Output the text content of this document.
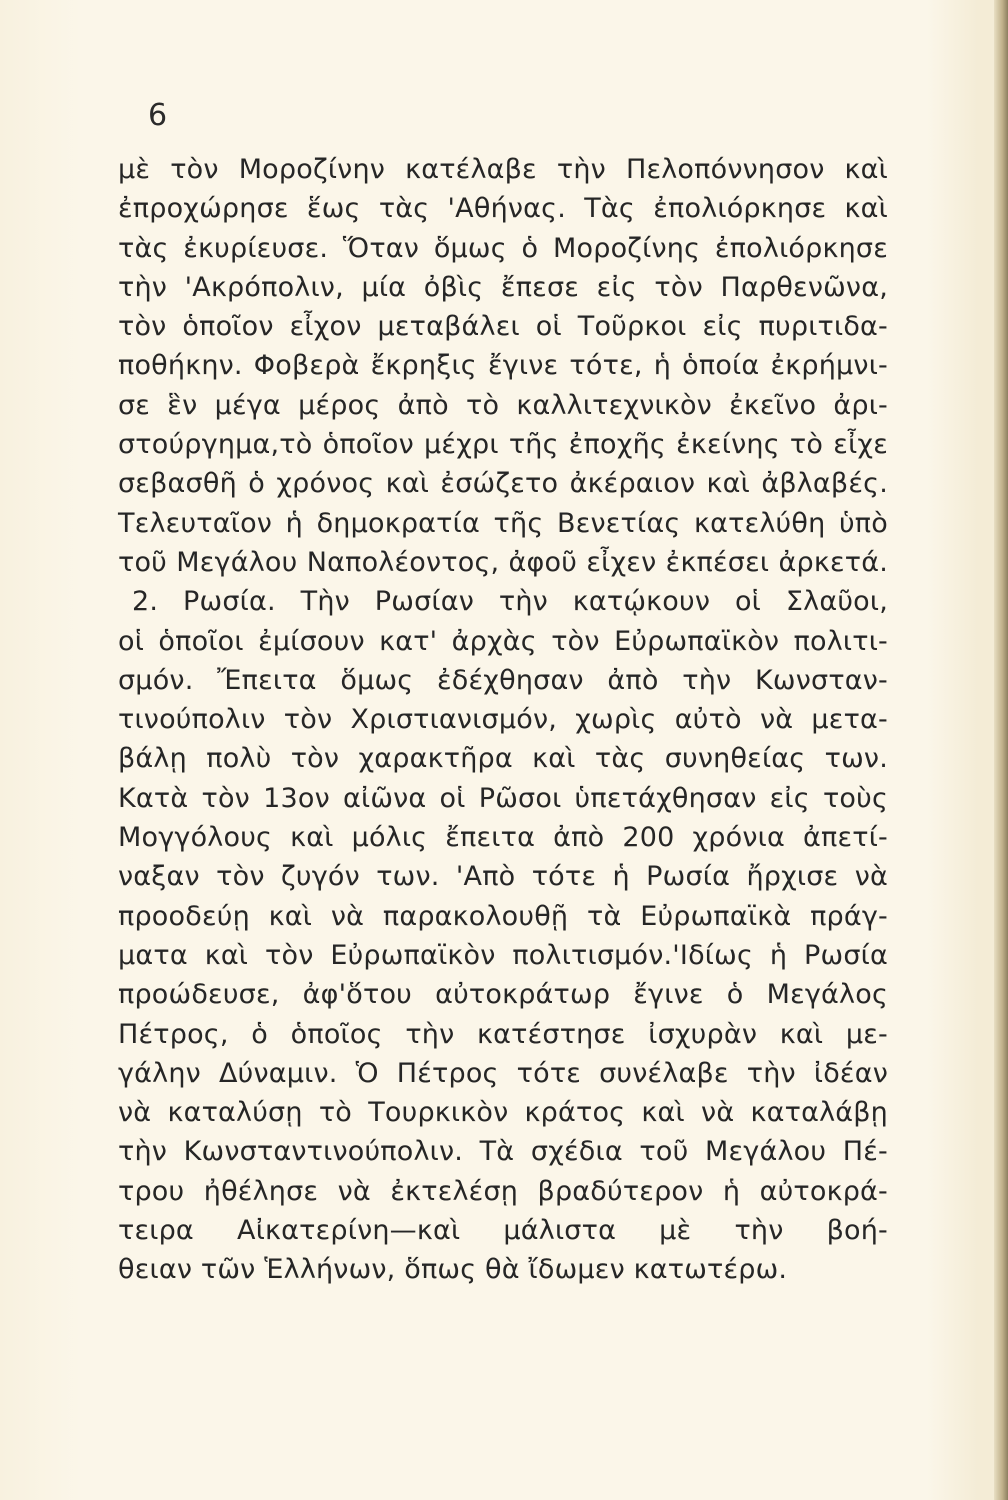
6
μὲ τὸν Μοροζίνην κατέλαβε τὴν Πελοπόννησον καὶ
ἐπροχώρησε ἕως τὰς 'Αθήνας. Τὰς ἐπολιόρκησε καὶ
τὰς ἐκυρίευσε. Ὅταν ὅμως ὁ Μοροζίνης ἐπολιόρκησε
τὴν 'Ακρόπολιν, μία ὀβὶς ἔπεσε εἰς τὸν Παρθενῶνα,
τὸν ὁποῖον εἶχον μεταβάλει οἱ Τοῦρκοι εἰς πυριτιδα-
ποθήκην. Φοβερὰ ἔκρηξις ἔγινε τότε, ἡ ὁποία ἐκρήμνι-
σε ἓν μέγα μέρος ἀπὸ τὸ καλλιτεχνικὸν ἐκεῖνο ἀρι-
στούργημα,τὸ ὁποῖον μέχρι τῆς ἐποχῆς ἐκείνης τὸ εἶχε
σεβασθῆ ὁ χρόνος καὶ ἐσώζετο ἀκέραιον καὶ ἀβλαβές.
Τελευταῖον ἡ δημοκρατία τῆς Βενετίας κατελύθη ὑπὸ
τοῦ Μεγάλου Ναπολέοντος, ἀφοῦ εἶχεν ἐκπέσει ἀρκετά.
2. Ρωσία. Τὴν Ρωσίαν τὴν κατῴκουν οἱ Σλαῦοι,
οἱ ὁποῖοι ἐμίσουν κατ' ἀρχὰς τὸν Εὐρωπαϊκὸν πολιτι-
σμόν. Ἔπειτα ὅμως ἐδέχθησαν ἀπὸ τὴν Κωνσταν-
τινούπολιν τὸν Χριστιανισμόν, χωρὶς αὐτὸ νὰ μετα-
βάλῃ πολὺ τὸν χαρακτῆρα καὶ τὰς συνηθείας των.
Κατὰ τὸν 13ον αἰῶνα οἱ Ρῶσοι ὑπετάχθησαν εἰς τοὺς
Μογγόλους καὶ μόλις ἔπειτα ἀπὸ 200 χρόνια ἀπετί-
ναξαν τὸν ζυγόν των. 'Απὸ τότε ἡ Ρωσία ἤρχισε νὰ
προοδεύῃ καὶ νὰ παρακολουθῇ τὰ Εὐρωπαϊκὰ πράγ-
ματα καὶ τὸν Εὐρωπαϊκὸν πολιτισμόν.'Ιδίως ἡ Ρωσία
προώδευσε, ἀφ'ὅτου αὐτοκράτωρ ἔγινε ὁ Μεγάλος
Πέτρος, ὁ ὁποῖος τὴν κατέστησε ἰσχυρὰν καὶ με-
γάλην Δύναμιν. Ὁ Πέτρος τότε συνέλαβε τὴν ἰδέαν
νὰ καταλύσῃ τὸ Τουρκικὸν κράτος καὶ νὰ καταλάβῃ
τὴν Κωνσταντινούπολιν. Τὰ σχέδια τοῦ Μεγάλου Πέ-
τρου ἠθέλησε νὰ ἐκτελέσῃ βραδύτερον ἡ αὐτοκρά-
τειρα Αἰκατερίνη—καὶ μάλιστα μὲ τὴν βοή-
θειαν τῶν Ἑλλήνων, ὅπως θὰ ἴδωμεν κατωτέρω.
